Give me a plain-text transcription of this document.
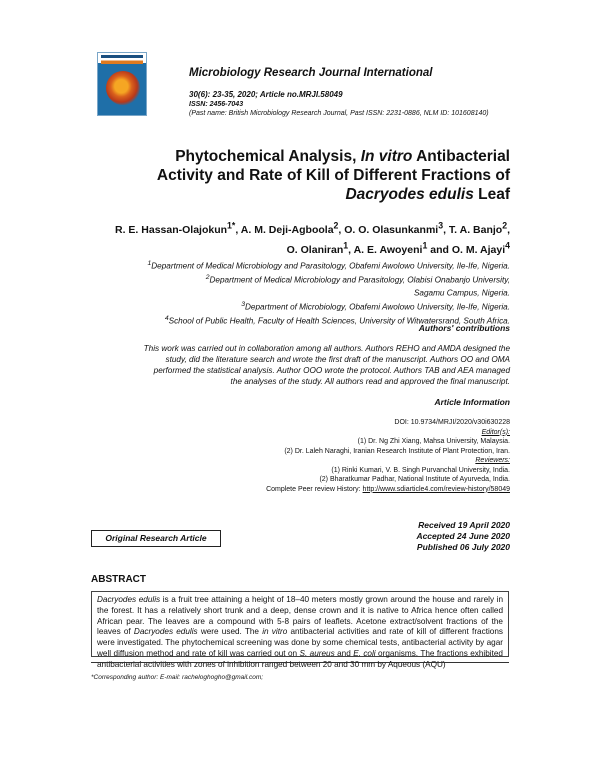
Microbiology Research Journal International
30(6): 23-35, 2020; Article no.MRJI.58049
ISSN: 2456-7043
(Past name: British Microbiology Research Journal, Past ISSN: 2231-0886, NLM ID: 101608140)
Phytochemical Analysis, In vitro Antibacterial
Activity and Rate of Kill of Different Fractions of
Dacryodes edulis Leaf
R. E. Hassan-Olajokun$^{1*}$, A. M. Deji-Agboola$^2$, O. O. Olasunkanmi$^3$, T. A. Banjo$^2$,
O. Olaniran$^1$, A. E. Awoyeni$^1$ and O. M. Ajayi$^4$

$^1$Department of Medical Microbiology and Parasitology, Obafemi Awolowo University, Ile-Ife, Nigeria.

$^2$Department of Medical Microbiology and Parasitology, Olabisi Onabanjo University,

Sagamu Campus, Nigeria.

$^3$Department of Microbiology, Obafemi Awolowo University, Ile-Ife, Nigeria.

$^4$School of Public Health, Faculty of Health Sciences, University of Witwatersrand, South Africa.

Authors' contributions

This work was carried out in collaboration among all authors. Authors REHO and AMDA designed the

study, did the literature search and wrote the first draft of the manuscript. Authors OO and OMA

performed the statistical analysis. Author OOO wrote the protocol. Authors TAB and AEA managed

the analyses of the study. All authors read and approved the final manuscript.

Article Information

DOI: 10.9734/MRJI/2020/v30i630228

Editor(s):

(1) Dr. Ng Zhi Xiang, Mahsa University, Malaysia.

(2) Dr. Laleh Naraghi, Iranian Research Institute of Plant Protection, Iran.

Reviewers:

(1) Rinki Kumari, V. B. Singh Purvanchal University, India.

(2) Bharatkumar Padhar, National Institute of Ayurveda, India.

Complete Peer review History: http://www.sdiarticle4.com/review-history/58049

Original Research Article

Received 19 April 2020

Accepted 24 June 2020

Published 06 July 2020

ABSTRACT

Dacryodes edulis is a fruit tree attaining a height of 18–40 meters mostly grown around the house and rarely in the forest. It has a relatively short trunk and a deep, dense crown and it is native to Africa hence often called African pear. The leaves are a compound with 5-8 pairs of leaflets. Acetone extract/solvent fractions of the leaves of Dacryodes edulis were used. The in vitro antibacterial activities and rate of kill of different fractions were investigated. The phytochemical screening was done by some chemical tests, antibacterial activity by agar well diffusion method and rate of kill was carried out on S. aureus and E. coli organisms. The fractions exhibited antibacterial activities with zones of inhibition ranged between 20 and 30 mm by Aqueous (AQU)

*Corresponding author: E-mail: racheloghogho@gmail.com;
